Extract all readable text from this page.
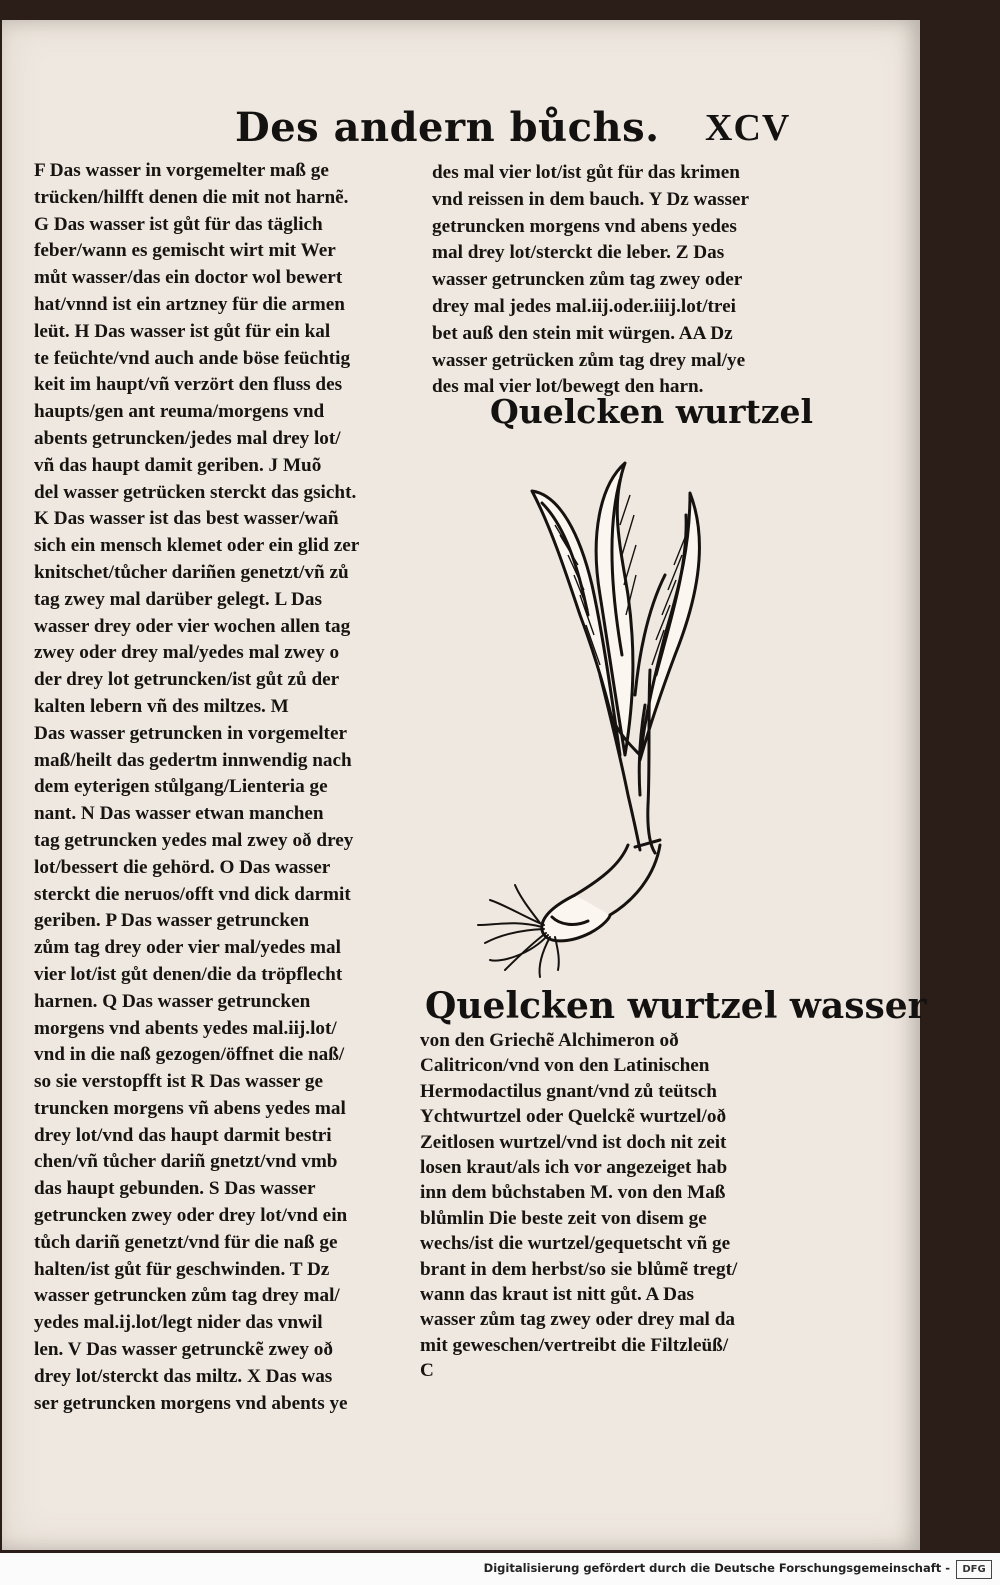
Des andern bůchs. XCV
F Das wasser in vorgemelter maß ge
trücken/hilfft denen die mit not harnẽ.
G Das wasser ist gůt für das täglich
feber/wann es gemischt wirt mit Wer
můt wasser/das ein doctor wol bewert
hat/vnnd ist ein artzney für die armen
leüt. H Das wasser ist gůt für ein kal
te feüchte/vnd auch ande böse feüchtig
keit im haupt/vñ verzört den fluss des
haupts/gen ant reuma/morgens vnd
abents getruncken/jedes mal drey lot/
vñ das haupt damit geriben. J Muõ
del wasser getrücken sterckt das gsicht.
K Das wasser ist das best wasser/wañ
sich ein mensch klemet oder ein glid zer
knitschet/tůcher dariñen genetzt/vñ zů
tag zwey mal darüber gelegt. L Das
wasser drey oder vier wochen allen tag
zwey oder drey mal/yedes mal zwey o
der drey lot getruncken/ist gůt zů der
kalten lebern vñ des miltzes. M
Das wasser getruncken in vorgemelter
maß/heilt das gedertm innwendig nach
dem eyterigen stůlgang/Lienteria ge
nant. N Das wasser etwan manchen
tag getruncken yedes mal zwey oð drey
lot/bessert die gehörd. O Das wasser
sterckt die neruos/offt vnd dick darmit
geriben. P Das wasser getruncken
zům tag drey oder vier mal/yedes mal
vier lot/ist gůt denen/die da tröpflecht
harnen. Q Das wasser getruncken
morgens vnd abents yedes mal.iij.lot/
vnd in die naß gezogen/öffnet die naß/
so sie verstopfft ist R Das wasser ge
truncken morgens vñ abens yedes mal
drey lot/vnd das haupt darmit bestri
chen/vñ tůcher dariñ gnetzt/vnd vmb
das haupt gebunden. S Das wasser
getruncken zwey oder drey lot/vnd ein
tůch dariñ genetzt/vnd für die naß ge
halten/ist gůt für geschwinden. T Dz
wasser getruncken zům tag drey mal/
yedes mal.ij.lot/legt nider das vnwil
len. V Das wasser getrunckẽ zwey oð
drey lot/sterckt das miltz. X Das was
ser getruncken morgens vnd abents ye
des mal vier lot/ist gůt für das krimen
vnd reissen in dem bauch. Y Dz wasser
getruncken morgens vnd abens yedes
mal drey lot/sterckt die leber. Z Das
wasser getruncken zům tag zwey oder
drey mal jedes mal.iij.oder.iiij.lot/trei
bet auß den stein mit würgen. AA Dz
wasser getrücken zům tag drey mal/ye
des mal vier lot/bewegt den harn.
Quelcken wurtzel
Quelcken wurtzel wasser
von den Griechẽ Alchimeron oð
Calitricon/vnd von den Latinischen
Hermodactilus gnant/vnd zů teütsch
Ychtwurtzel oder Quelckẽ wurtzel/oð
Zeitlosen wurtzel/vnd ist doch nit zeit
losen kraut/als ich vor angezeiget hab
inn dem bůchstaben M. von den Maß
blůmlin Die beste zeit von disem ge
wechs/ist die wurtzel/gequetscht vñ ge
brant in dem herbst/so sie blůmẽ tregt/
wann das kraut ist nitt gůt. A Das
wasser zům tag zwey oder drey mal da
mit geweschen/vertreibt die Filtzleüß/
C
Digitalisierung gefördert durch die Deutsche Forschungsgemeinschaft -	DFG
